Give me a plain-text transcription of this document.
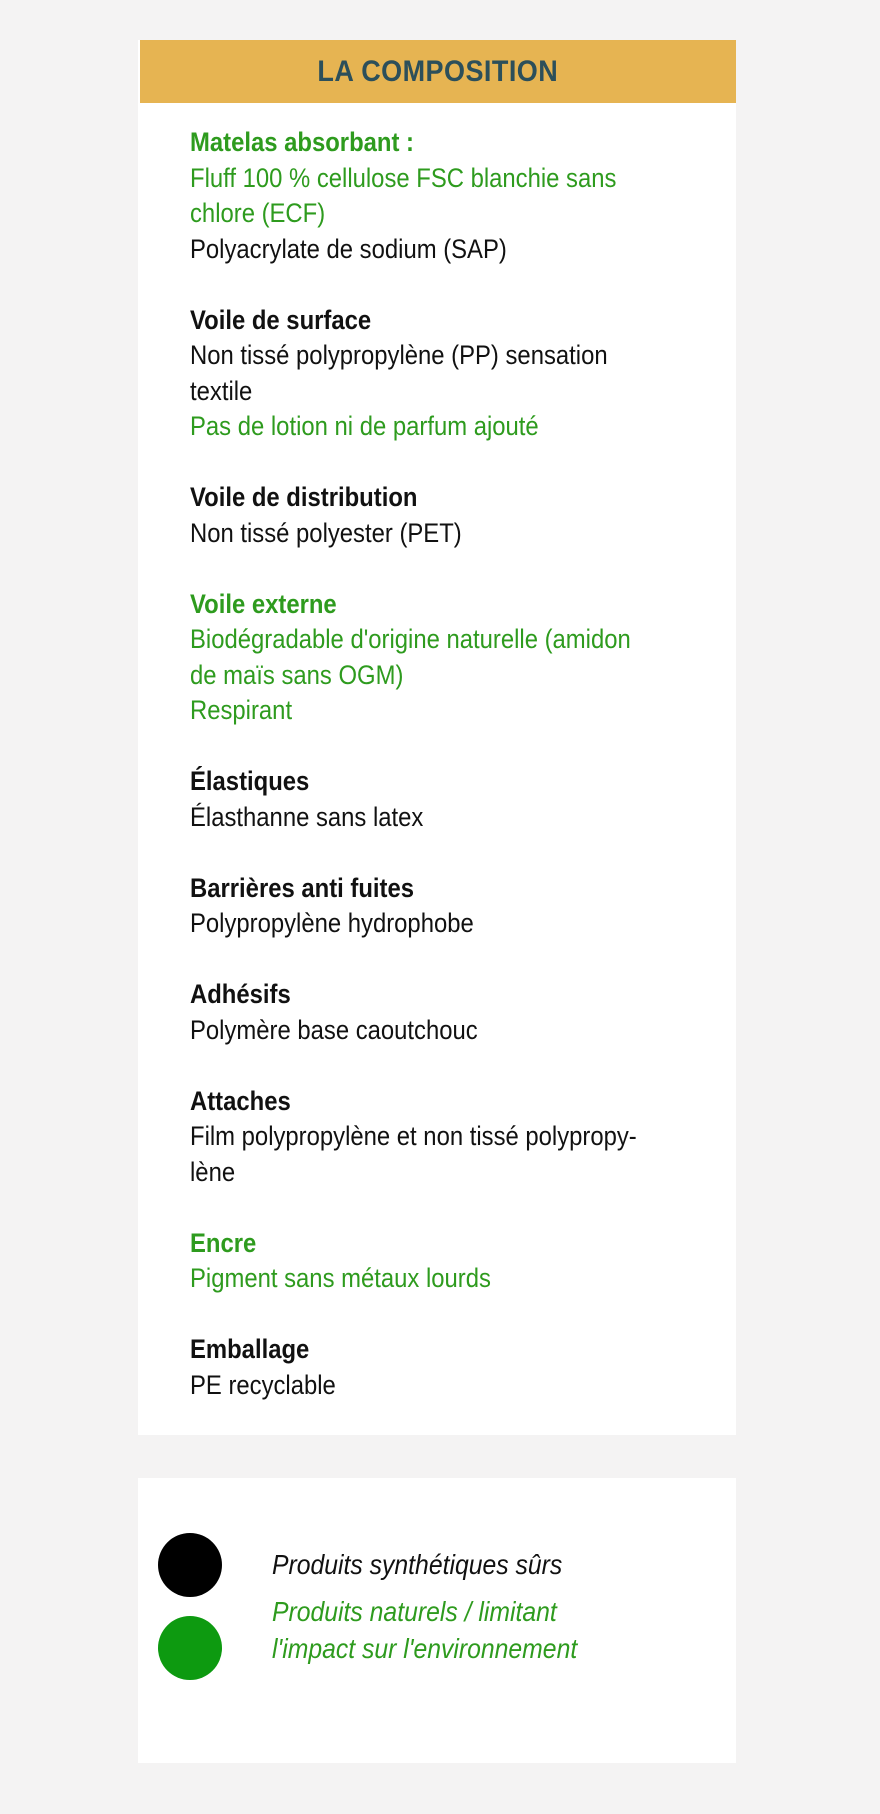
LA COMPOSITION
Matelas absorbant :
Fluff 100 % cellulose FSC blanchie sans
chlore (ECF)
Polyacrylate de sodium (SAP)
Voile de surface
Non tissé polypropylène (PP) sensation
textile
Pas de lotion ni de parfum ajouté
Voile de distribution
Non tissé polyester (PET)
Voile externe
Biodégradable d'origine naturelle (amidon
de maïs sans OGM)
Respirant
Élastiques
Élasthanne sans latex
Barrières anti fuites
Polypropylène hydrophobe
Adhésifs
Polymère base caoutchouc
Attaches
Film polypropylène et non tissé polypropy-
lène
Encre
Pigment sans métaux lourds
Emballage
PE recyclable
Produits synthétiques sûrs
Produits naturels / limitant
l'impact sur l'environnement
